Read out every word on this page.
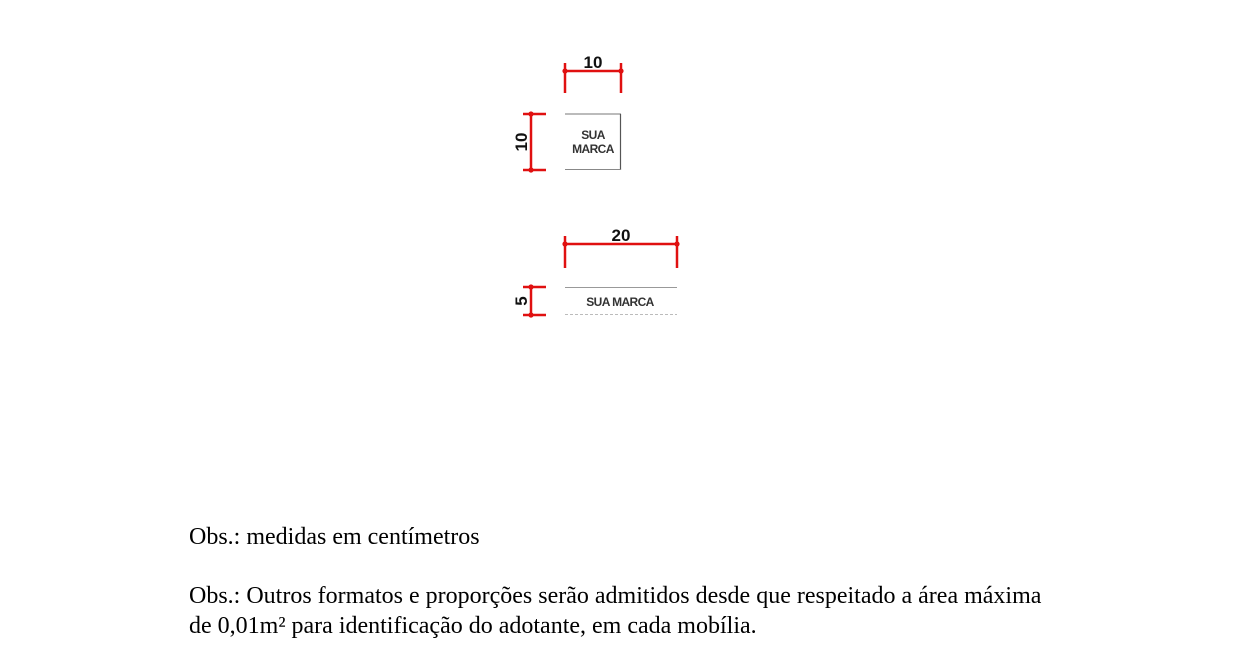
10
10	SUA
MARCA
20
5	SUA MARCA

Obs.: medidas em centímetros

Obs.: Outros formatos e proporções serão admitidos desde que respeitado a área máxima
de 0,01m² para identificação do adotante, em cada mobília.
